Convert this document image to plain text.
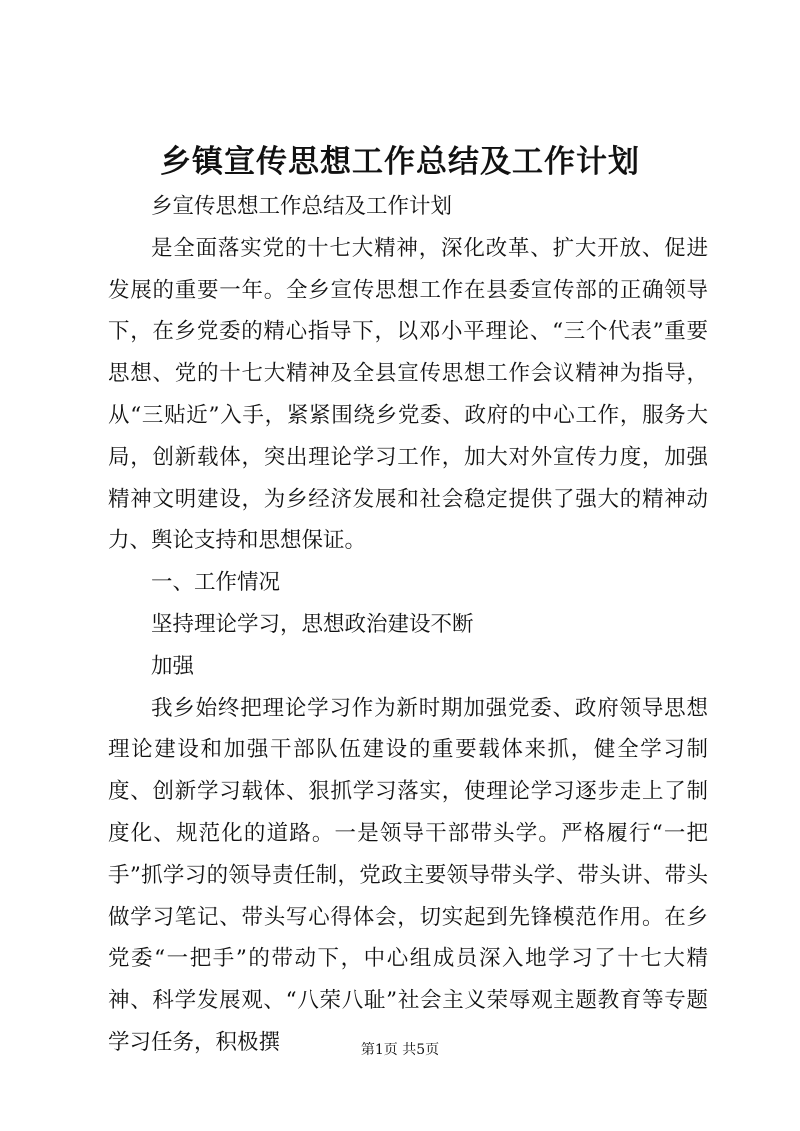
乡镇宣传思想工作总结及工作计划

乡宣传思想工作总结及工作计划

是全面落实党的十七大精神，深化改革、扩大开放、促进发展的重要一年。全乡宣传思想工作在县委宣传部的正确领导下，在乡党委的精心指导下，以邓小平理论、“三个代表”重要思想、党的十七大精神及全县宣传思想工作会议精神为指导，从“三贴近”入手，紧紧围绕乡党委、政府的中心工作，服务大局，创新载体，突出理论学习工作，加大对外宣传力度，加强精神文明建设，为乡经济发展和社会稳定提供了强大的精神动力、舆论支持和思想保证。

一、工作情况

坚持理论学习，思想政治建设不断

加强

我乡始终把理论学习作为新时期加强党委、政府领导思想理论建设和加强干部队伍建设的重要载体来抓，健全学习制度、创新学习载体、狠抓学习落实，使理论学习逐步走上了制度化、规范化的道路。一是领导干部带头学。严格履行“一把手”抓学习的领导责任制，党政主要领导带头学、带头讲、带头做学习笔记、带头写心得体会，切实起到先锋模范作用。在乡党委“一把手”的带动下，中心组成员深入地学习了十七大精神、科学发展观、“八荣八耻”社会主义荣辱观主题教育等专题学习任务，积极撰	第1页 共5页
